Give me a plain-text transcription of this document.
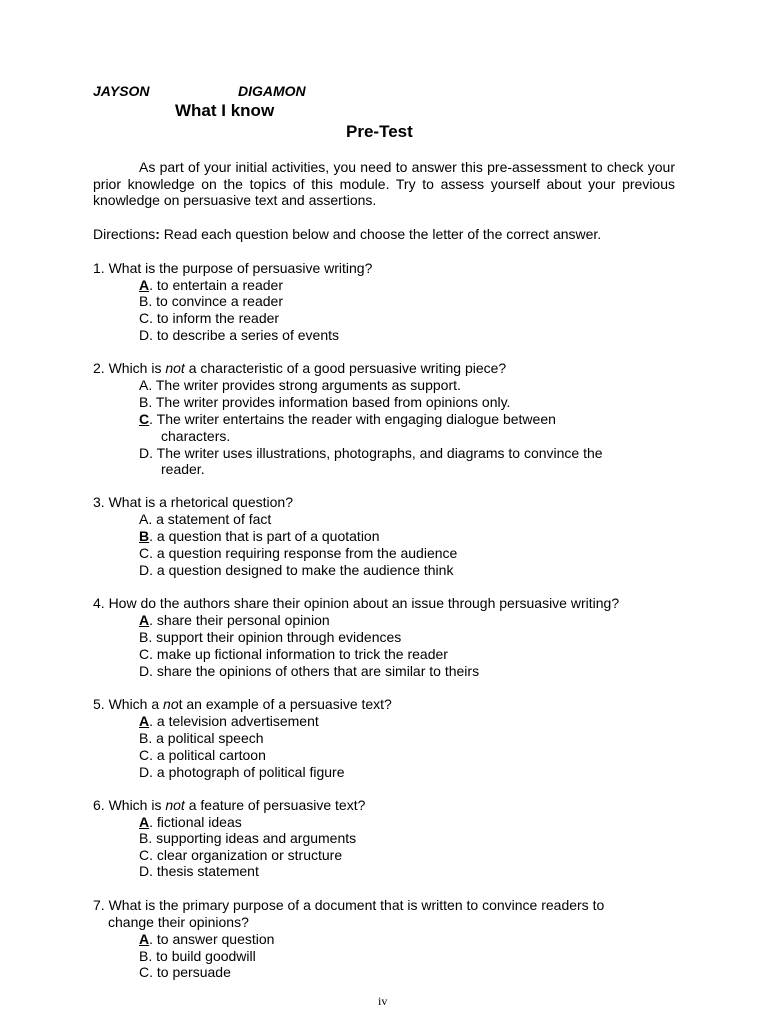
JAYSON	DIGAMON
What I know
Pre-Test
As part of your initial activities, you need to answer this pre-assessment to check your prior knowledge on the topics of this module. Try to assess yourself about your previous knowledge on persuasive text and assertions.
Directions: Read each question below and choose the letter of the correct answer.
1. What is the purpose of persuasive writing?
A. to entertain a reader
B. to convince a reader
C. to inform the reader
D. to describe a series of events
2. Which is not a characteristic of a good persuasive writing piece?
A. The writer provides strong arguments as support.
B. The writer provides information based from opinions only.
C. The writer entertains the reader with engaging dialogue between
characters.
D. The writer uses illustrations, photographs, and diagrams to convince the
reader.
3. What is a rhetorical question?
A. a statement of fact
B. a question that is part of a quotation
C. a question requiring response from the audience
D. a question designed to make the audience think
4. How do the authors share their opinion about an issue through persuasive writing?
A. share their personal opinion
B. support their opinion through evidences
C. make up fictional information to trick the reader
D. share the opinions of others that are similar to theirs
5. Which a not an example of a persuasive text?
A. a television advertisement
B. a political speech
C. a political cartoon
D. a photograph of political figure
6. Which is not a feature of persuasive text?
A. fictional ideas
B. supporting ideas and arguments
C. clear organization or structure
D. thesis statement
7. What is the primary purpose of a document that is written to convince readers to
change their opinions?
A. to answer question
B. to build goodwill
C. to persuade
iv
